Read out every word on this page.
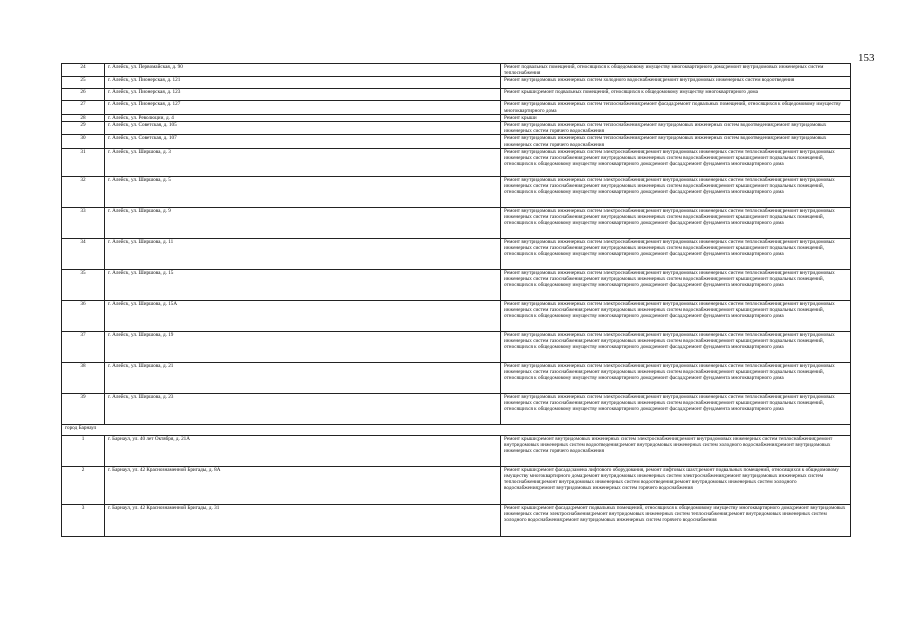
153
24	г. Алейск, ул. Первомайская, д. 90	Ремонт подвальных помещений, относящихся к общедомовому имуществу многоквартирного дома;ремонт внутридомовых инженерных систем теплоснабжения
25	г. Алейск, ул. Пионерская, д. 121	Ремонт внутридомовых инженерных систем холодного водоснабжения;ремонт внутридомовых инженерных систем водоотведения
26	г. Алейск, ул. Пионерская, д. 123	Ремонт крыши;ремонт подвальных помещений, относящихся к общедомовому имуществу многоквартирного дома
27	г. Алейск, ул. Пионерская, д. 127	Ремонт внутридомовых инженерных систем теплоснабжения;ремонт фасада;ремонт подвальных помещений, относящихся к общедомовому имуществу многоквартирного дома
28	г. Алейск, ул. Революции, д. 4	Ремонт крыши
29	г. Алейск, ул. Советская, д. 105	Ремонт внутридомовых инженерных систем теплоснабжения;ремонт внутридомовых инженерных систем водоотведения;ремонт внутридомовых инженерных систем горячего водоснабжения
30	г. Алейск, ул. Советская, д. 107	Ремонт внутридомовых инженерных систем теплоснабжения;ремонт внутридомовых инженерных систем водоотведения;ремонт внутридомовых инженерных систем горячего водоснабжения
31	г. Алейск, ул. Ширшова, д. 3	Ремонт внутридомовых инженерных систем электроснабжения;ремонт внутридомовых инженерных систем теплоснабжения;ремонт внутридомовых инженерных систем газоснабжения;ремонт внутридомовых инженерных систем водоснабжения;ремонт крыши;ремонт подвальных помещений, относящихся к общедомовому имуществу многоквартирного дома;ремонт фасада;ремонт фундамента многоквартирного дома
32	г. Алейск, ул. Ширшова, д. 5	Ремонт внутридомовых инженерных систем электроснабжения;ремонт внутридомовых инженерных систем теплоснабжения;ремонт внутридомовых инженерных систем газоснабжения;ремонт внутридомовых инженерных систем водоснабжения;ремонт крыши;ремонт подвальных помещений, относящихся к общедомовому имуществу многоквартирного дома;ремонт фасада;ремонт фундамента многоквартирного дома
33	г. Алейск, ул. Ширшова, д. 9	Ремонт внутридомовых инженерных систем электроснабжения;ремонт внутридомовых инженерных систем теплоснабжения;ремонт внутридомовых инженерных систем газоснабжения;ремонт внутридомовых инженерных систем водоснабжения;ремонт крыши;ремонт подвальных помещений, относящихся к общедомовому имуществу многоквартирного дома;ремонт фасада;ремонт фундамента многоквартирного дома
34	г. Алейск, ул. Ширшова, д. 11	Ремонт внутридомовых инженерных систем электроснабжения;ремонт внутридомовых инженерных систем теплоснабжения;ремонт внутридомовых инженерных систем газоснабжения;ремонт внутридомовых инженерных систем водоснабжения;ремонт крыши;ремонт подвальных помещений, относящихся к общедомовому имуществу многоквартирного дома;ремонт фасада;ремонт фундамента многоквартирного дома
35	г. Алейск, ул. Ширшова, д. 15	Ремонт внутридомовых инженерных систем электроснабжения;ремонт внутридомовых инженерных систем теплоснабжения;ремонт внутридомовых инженерных систем газоснабжения;ремонт внутридомовых инженерных систем водоснабжения;ремонт крыши;ремонт подвальных помещений, относящихся к общедомовому имуществу многоквартирного дома;ремонт фасада;ремонт фундамента многоквартирного дома
36	г. Алейск, ул. Ширшова, д. 15А	Ремонт внутридомовых инженерных систем электроснабжения;ремонт внутридомовых инженерных систем теплоснабжения;ремонт внутридомовых инженерных систем газоснабжения;ремонт внутридомовых инженерных систем водоснабжения;ремонт крыши;ремонт подвальных помещений, относящихся к общедомовому имуществу многоквартирного дома;ремонт фасада;ремонт фундамента многоквартирного дома
37	г. Алейск, ул. Ширшова, д. 19	Ремонт внутридомовых инженерных систем электроснабжения;ремонт внутридомовых инженерных систем теплоснабжения;ремонт внутридомовых инженерных систем газоснабжения;ремонт внутридомовых инженерных систем водоснабжения;ремонт крыши;ремонт подвальных помещений, относящихся к общедомовому имуществу многоквартирного дома;ремонт фасада;ремонт фундамента многоквартирного дома
38	г. Алейск, ул. Ширшова, д. 21	Ремонт внутридомовых инженерных систем электроснабжения;ремонт внутридомовых инженерных систем теплоснабжения;ремонт внутридомовых инженерных систем газоснабжения;ремонт внутридомовых инженерных систем водоснабжения;ремонт крыши;ремонт подвальных помещений, относящихся к общедомовому имуществу многоквартирного дома;ремонт фасада;ремонт фундамента многоквартирного дома
39	г. Алейск, ул. Ширшова, д. 23	Ремонт внутридомовых инженерных систем электроснабжения;ремонт внутридомовых инженерных систем теплоснабжения;ремонт внутридомовых инженерных систем газоснабжения;ремонт внутридомовых инженерных систем водоснабжения;ремонт крыши;ремонт подвальных помещений, относящихся к общедомовому имуществу многоквартирного дома;ремонт фасада;ремонт фундамента многоквартирного дома
город Барнаул		
1	г. Барнаул, ул. 40 лет Октября, д. 21А	Ремонт крыши;ремонт внутридомовых инженерных систем электроснабжения;ремонт внутридомовых инженерных систем теплоснабжения;ремонт внутридомовых инженерных систем водоотведения;ремонт внутридомовых инженерных систем холодного водоснабжения;ремонт внутридомовых инженерных систем горячего водоснабжения
2	г. Барнаул, ул. 42 Краснознаменной Бригады, д. 8А	Ремонт крыши;ремонт фасада;замена лифтового оборудования, ремонт лифтовых шахт;ремонт подвальных помещений, относящихся к общедомовому имуществу многоквартирного дома;ремонт внутридомовых инженерных систем электроснабжения;ремонт внутридомовых инженерных систем теплоснабжения;ремонт внутридомовых инженерных систем водоотведения;ремонт внутридомовых инженерных систем холодного водоснабжения;ремонт внутридомовых инженерных систем горячего водоснабжения
3	г. Барнаул, ул. 42 Краснознаменной Бригады, д. 31	Ремонт крыши;ремонт фасада;ремонт подвальных помещений, относящихся к общедомовому имуществу многоквартирного дома;ремонт внутридомовых инженерных систем электроснабжения;ремонт внутридомовых инженерных систем теплоснабжения;ремонт внутридомовых инженерных систем холодного водоснабжения;ремонт внутридомовых инженерных систем горячего водоснабжения
